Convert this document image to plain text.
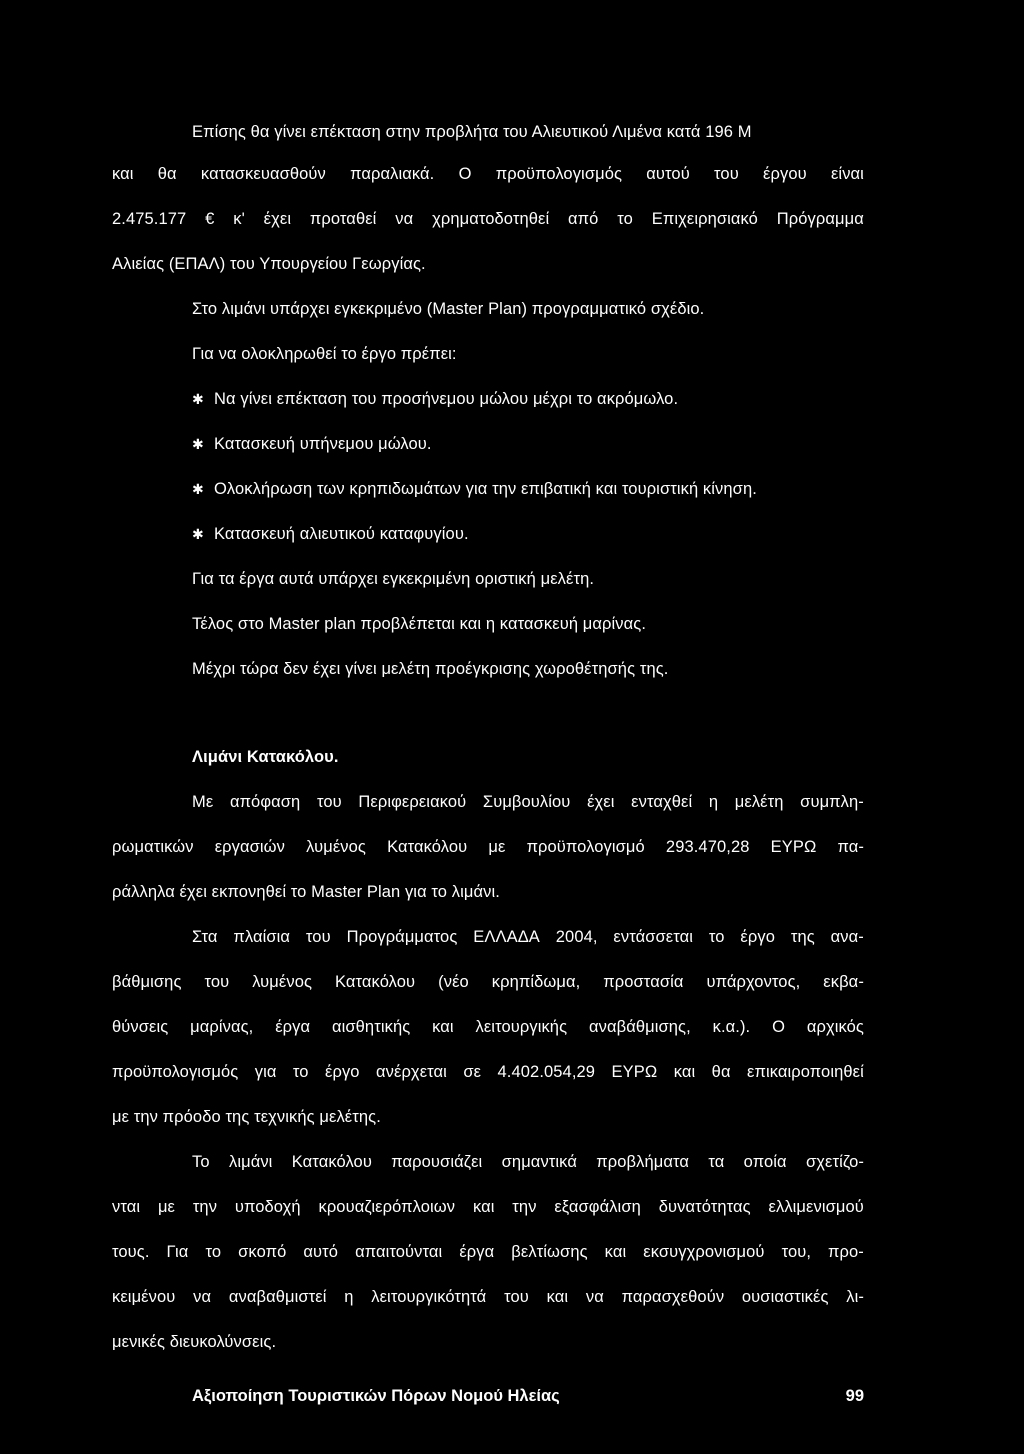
Επίσης θα γίνει επέκταση στην προβλήτα του Αλιευτικού Λιμένα κατά 196 Μ
και θα κατασκευασθούν παραλιακά. Ο προϋπολογισμός αυτού του έργου είναι
2.475.177 € κ' έχει προταθεί να χρηματοδοτηθεί από το Επιχειρησιακό Πρόγραμμα
Αλιείας (ΕΠΑΛ) του Υπουργείου Γεωργίας.
Στο λιμάνι υπάρχει εγκεκριμένο (Master Plan) προγραμματικό σχέδιο.
Για να ολοκληρωθεί το έργο πρέπει:
✱ Να γίνει επέκταση του προσήνεμου μώλου μέχρι το ακρόμωλο.
✱ Κατασκευή υπήνεμου μώλου.
✱ Ολοκλήρωση των κρηπιδωμάτων για την επιβατική και τουριστική κίνηση.
✱ Κατασκευή αλιευτικού καταφυγίου.
Για τα έργα αυτά υπάρχει εγκεκριμένη οριστική μελέτη.
Τέλος στο Master plan προβλέπεται και η κατασκευή μαρίνας.
Μέχρι τώρα δεν έχει γίνει μελέτη προέγκρισης χωροθέτησής της.
Λιμάνι Κατακόλου.
Με απόφαση του Περιφερειακού Συμβουλίου έχει ενταχθεί η μελέτη συμπλη-
ρωματικών εργασιών λυμένος Κατακόλου με προϋπολογισμό 293.470,28 ΕΥΡΩ πα-
ράλληλα έχει εκπονηθεί το Master Plan για το λιμάνι.
Στα πλαίσια του Προγράμματος ΕΛΛΑΔΑ 2004, εντάσσεται το έργο της ανα-
βάθμισης του λυμένος Κατακόλου (νέο κρηπίδωμα, προστασία υπάρχοντος, εκβα-
θύνσεις μαρίνας, έργα αισθητικής και λειτουργικής αναβάθμισης, κ.α.). Ο αρχικός
προϋπολογισμός για το έργο ανέρχεται σε 4.402.054,29 ΕΥΡΩ και θα επικαιροποιηθεί
με την πρόοδο της τεχνικής μελέτης.
Το λιμάνι Κατακόλου παρουσιάζει σημαντικά προβλήματα τα οποία σχετίζο-
νται με την υποδοχή κρουαζιερόπλοιων και την εξασφάλιση δυνατότητας ελλιμενισμού
τους. Για το σκοπό αυτό απαιτούνται έργα βελτίωσης και εκσυγχρονισμού του, προ-
κειμένου να αναβαθμιστεί η λειτουργικότητά του και να παρασχεθούν ουσιαστικές λι-
μενικές διευκολύνσεις.
Αξιοποίηση Τουριστικών Πόρων Νομού Ηλείας	99
